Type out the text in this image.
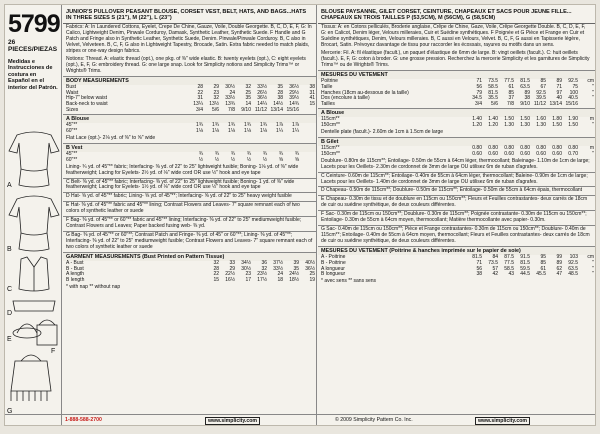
5799
26 PIECES/PIEZAS
Medidas e Instrucciones de costura en Español en el interior del Patrón.
A
B
C
D
E
F
G
JUNIOR'S PULLOVER PEASANT BLOUSE, CORSET VEST, BELT, HATS, AND BAGS...HATS IN THREE SIZES S (21"), M (22"), L (23")
Fabrics: A: In Laundered Cottons, Eyelet, Crepe De Chine, Gauze, Voile, Double Georgette. B, C, D, E, F, G: In Calico, Lightweight Denim, Pinwale Corduroy, Damask, Synthetic Leather, Synthetic Suede. F Handle and G Patch and Fringe also in Synthetic Leather, Synthetic Suede, Denim. Pinwale/Pinwale Corduroy. B, C also in Velvet, Velveteen. B, C, F, G also in Lightweight Tapestry, Brocade, Satin. Extra fabric needed to match plaids, stripes or one-way design fabrics.
Notions: Thread. A: elastic thread (opt.), one pkg. of ⅜" wide elastic. B: twenty eyelets (opt.), C: eight eyelets (opt.), E, F, G: embroidery thread. G: one large snap. Look for Simplicity notions and Simplicity Trims™ or Wrights® Trims.
BODY MEASUREMENTS
Bust	28	29	30½	32	33½	35	36½	38
Waist	22	23	24	25	26½	28	29½	31
Hip-7" below waist	31	32	33½	35	36½	38	39½	41
Back-neck to waist	13¼	13½	13¾	14	14¼	14½	14¾	15
Sizes	3/4	5/6	7/8	9/10	11/12	13/14	15/16	
A Blouse
45"**	1¾	1¾	1¾	1¾	1¾	1⅞	1⅞	
60"**	1⅛	1⅛	1⅛	1⅛	1⅛	1¼	1¼	
Flat Lace (opt.)- 2⅛ yd. of ⅜" to ⅝" wide
B Vest
45"**	¾	¾	¾	¾	¾	¾	¾	
60"**	½	½	½	½	½	⅝	⅝	
Lining- ¾ yd. of 45"** fabric; Interfacing- ⅜ yd. of 22" to 25" lightweight fusible; Boning- 1⅛ yd. of ⅜" wide featherweight; Lacing for Eyelets- 2½ yd. of ⅛" wide cord OR use ½" hook and eye tape
C Belt- ⅜ yd. of 45"** fabric; Interfacing- ⅜ yd. of 22" to 25" lightweight fusible; Boning- 1 yd. of ⅜" wide featherweight; Lacing for Eyelets- 1½ yd. of ⅛" wide cord OR use ½" hook and eye tape
D Hat- ⅝ yd. of 45"** fabric; Lining- ⅝ yd. of 45"**; Interfacing- ⅝ yd. of 22" to 25" heavy weight fusible
E Hat- ⅜ yd. of 45"** fabric and 45"** lining; Contrast Flowers and Leaves- 7" square remnant each of two colors of synthetic leather or suede
F Bag- ⅜ yd. of 45"** or 60"** fabric and 45"** lining; Interfacing- ⅜ yd. of 22" to 25" mediumweight fusible; Contrast Flowers and Leaves; Paper backed fusing web- ⅜ yd.
G Bag- ⅜ yd. of 45"** or 60"**; Contrast Patch and Fringe- ⅜ yd. of 45" or 60"**; Lining- ⅜ yd. of 45"**; Interfacing- ⅜ yd. of 22" to 25" mediumweight fusible; Contrast Flowers and Leaves- 7" square remnant each of two colors of synthetic leather or suede
GARMENT MEASUREMENTS (Bust Printed on Pattern Tissue)
A - Bust	32	33	34½	36	37½	39	40½
B - Bust	28	29	30½	32	33½	35	36½
A length	22	22½	23	23½	24	24½	25
B length	15	16½	17	17½	18	18½	19
* with nap ** without nap
BLOUSE PAYSANNE, GILET CORSET, CEINTURE, CHAPEAUX ET SACS POUR JEUNE FILLE... CHAPEAUX EN TROIS TAILLES P (53,5CM), M (56CM), G (58,5CM)
Tissus: A: en Cotons pelliculés, Broderie anglaise, Crêpe de Chine, Gaze, Voile, Crêpe Georgette Double. B, C, D, E, F, G: en Calicot, Denim léger, Velours milleraies, Cuir et Suédine synthétiques. F Poignée et G Pièce et Frange en Cuir et Suédine synthétiques, Denim, Velours milleraies. B, C aussi en Velours, Velvet. B, C, F, G aussi en Tapisserie légère, Brocart, Satin. Prévoyez davantage de tissu pour raccorder les écossais, rayures ou motifs dans un sens.
Mercerie: Fil. A: fil élastique (facult.), un paquet d'élastique de 6mm de large. B: vingt oeillets (facult.). C: huit oeillets (facult.). E, F, G: coton à broder. G: une grosse pression. Recherchez la mercerie Simplicity et les garnitures de Simplicity Trims™ ou de Wrights® Trims.
MESURES DU VETEMENT
Poitrine	71	73.5	77.5	81.5	85	89	92.5	cm
Taille	56	58.5	61	63.5	67	71	75	"
Hanches (18cm au-dessous de la taille)	79	81.5	85	89	92.5	97	100	"
Dos (encolure à taille)	34.5	35.5	37	38	39.5	40	40.5	"
Tailles	3/4	5/6	7/8	9/10	11/12	13/14	15/16	
A Blouse
115cm**	1.40	1.40	1.50	1.50	1.60	1.80	1.90	m
150cm**	1.20	1.20	1.30	1.30	1.30	1.50	1.50	"
Dentelle plate (facult.)- 2.60m de 1cm à 1.5cm de large
B Gilet
115cm**	0.80	0.80	0.80	0.80	0.80	0.80	0.80	m
150cm**	0.60	0.60	0.60	0.60	0.60	0.60	0.70	"
Doublure- 0.80m de 115cm**; Entoilage- 0.50m de 55cm à 64cm léger, thermocollant; Baleinage- 1.10m de 1cm de large; Lacets pour les Oeillets- 2.30m de cordonnet de 3mm de large OU utilisez 6m de ruban d'agrafes.
C Ceinture- 0.60m de 115cm**; Entoilage- 0.40m de 55cm à 64cm léger, thermocollant; Baleine- 0.90m de 1cm de large; Lacets pour les Oeillets- 1.40m de cordonnet de 3mm de large OU utilisez 6m de ruban d'agrafes.
D Chapeau- 0.50m de 115cm**; Doublure- 0.50m de 115cm**; Entoilage- 0.50m de 55cm à 64cm épais, thermocollant
E Chapeau- 0.30m de tissu et de doublure en 115cm ou 150cm**; Fleurs et Feuilles contrastantes- deux carrés de 18cm de cuir ou suédine synthétique, de deux couleurs différentes.
F Sac- 0.30m de 115cm ou 150cm**; Doublure- 0.30m de 115cm**; Poignée contrastante- 0.30m de 115cm ou 150cm**; Entoilage- 0.30m de 55cm à 64cm moyen, thermocollant; Matière thermocollante avec papier- 0.30m.
G Sac- 0.40m de 115cm ou 150cm**; Pièce et Frange contrastantes- 0.30m de 115cm ou 150cm**; Doublure- 0.40m de 115cm**; Entoilage- 0.40m de 55cm à 64cm moyen, thermocollant; Fleurs et Feuilles contrastantes- deux carrés de 18cm de cuir ou suédine synthétique, de deux couleurs différentes.
MESURES DU VETEMENT (Poitrine & hanches imprimée sur le papier de soie)
A - Poitrine	81.5	84	87.5	91.5	95	99	103	cm
B - Poitrine	71	73.5	77.5	81.5	85	89	92.5	"
A longueur	56	57	58.5	59.5	61	62	63.5	"
B longueur	38	42	43	44.5	45.5	47	48.5	"
* avec sens ** sans sens
1-888-588-2700	www.simplicity.com	© 2009 Simplicity Pattern Co. Inc.	www.simplicity.com
